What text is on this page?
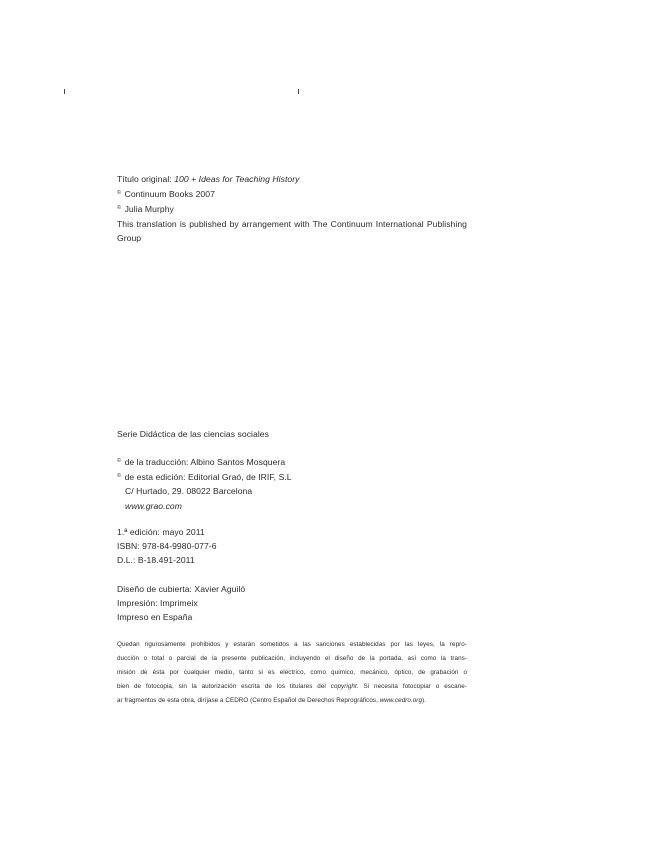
Título original: 100 + Ideas for Teaching History

© Continuum Books 2007

© Julia Murphy

This translation is published by arrangement with The Continuum International Publishing

Group

Serie Didáctica de las ciencias sociales

© de la traducción: Albino Santos Mosquera

© de esta edición: Editorial Graó, de IRIF, S.L

C/ Hurtado, 29. 08022 Barcelona

www.grao.com

1.ª edición: mayo 2011

ISBN: 978-84-9980-077-6

D.L.: B-18.491-2011

Diseño de cubierta: Xavier Aguiló

Impresión: Imprimeix

Impreso en España

Quedan rigurosamente prohibidos y estarán sometidos a las sanciones establecidas por las leyes, la repro-

ducción o total o parcial de la presente publicación, incluyendo el diseño de la portada, así como la trans-

misión de ésta por cualquier medio, tanto si es eléctrico, como químico, mecánico, óptico, de grabación o

bien de fotocopia, sin la autorización escrita de los titulares del copyright. Si necesita fotocopiar o escane-

ar fragmentos de esta obra, diríjase a CEDRO (Centro Español de Derechos Reprográficos, www.cedro.org).
